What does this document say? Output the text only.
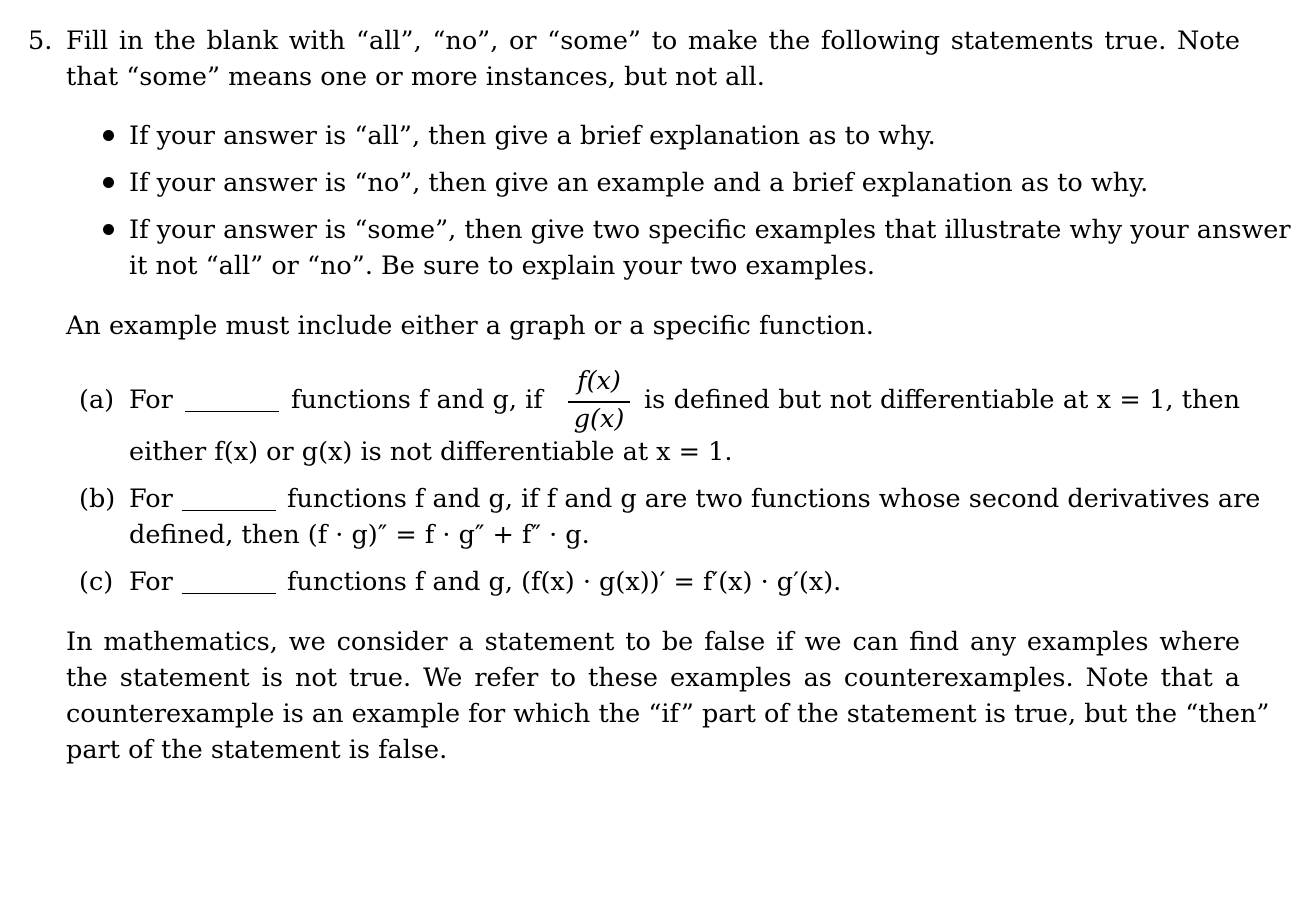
5. Fill in the blank with “all”, “no”, or “some” to make the following statements true. Note
that “some” means one or more instances, but not all.
If your answer is “all”, then give a brief explanation as to why.
If your answer is “no”, then give an example and a brief explanation as to why.
If your answer is “some”, then give two specific examples that illustrate why your answer
it not “all” or “no”. Be sure to explain your two examples.
An example must include either a graph or a specific function.
(a) For	functions f and g, if
f(x)
g(x)
is defined but not differentiable at x = 1, then
either f(x) or g(x) is not differentiable at x = 1.
(b) For	functions f and g, if f and g are two functions whose second derivatives are
defined, then (f · g)″ = f · g″ + f″ · g.
(c) For	functions f and g, (f(x) · g(x))′ = f′(x) · g′(x).
In mathematics, we consider a statement to be false if we can find any examples where
the statement is not true. We refer to these examples as counterexamples. Note that a
counterexample is an example for which the “if” part of the statement is true, but the “then”
part of the statement is false.
